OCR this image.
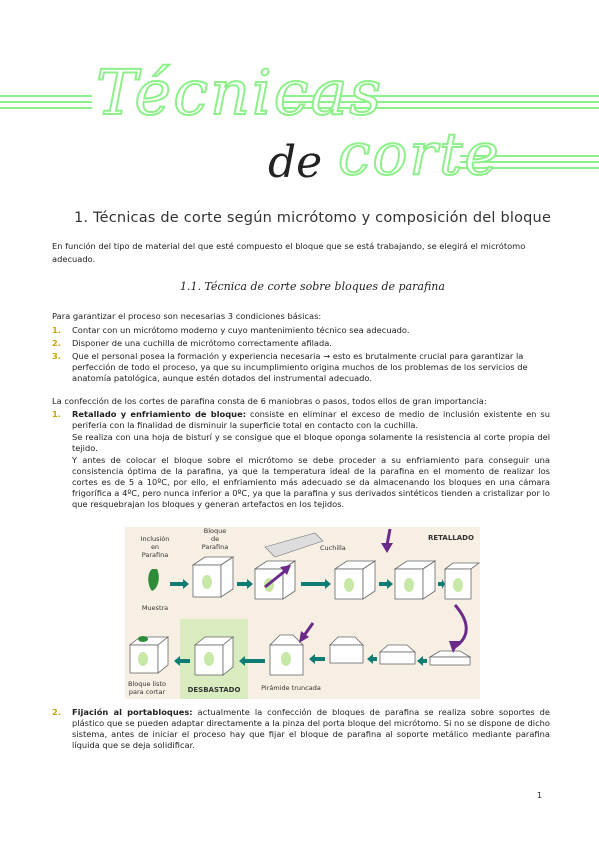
Técnicas
de corte
1. Técnicas de corte según micrótomo y composición del bloque
En función del tipo de material del que esté compuesto el bloque que se está trabajando, se elegirá el micrótomo adecuado.
1.1. Técnica de corte sobre bloques de parafina
Para garantizar el proceso son necesarias 3 condiciones básicas:
1. Contar con un micrótomo moderno y cuyo mantenimiento técnico sea adecuado.
2. Disponer de una cuchilla de micrótomo correctamente afilada.
3. Que el personal posea la formación y experiencia necesaria → esto es brutalmente crucial para garantizar la perfección de todo el proceso, ya que su incumplimiento origina muchos de los problemas de los servicios de anatomía patológica, aunque estén dotados del instrumental adecuado.
La confección de los cortes de parafina consta de 6 maniobras o pasos, todos ellos de gran importancia:
1. Retallado y enfriamiento de bloque: consiste en eliminar el exceso de medio de inclusión existente en su periferia con la finalidad de disminuir la superficie total en contacto con la cuchilla.
Se realiza con una hoja de bisturí y se consigue que el bloque oponga solamente la resistencia al corte propia del tejido.
Y antes de colocar el bloque sobre el micrótomo se debe proceder a su enfriamiento para conseguir una consistencia óptima de la parafina, ya que la temperatura ideal de la parafina en el momento de realizar los cortes es de 5 a 10ºC, por ello, el enfriamiento más adecuado se da almacenando los bloques en una cámara frigorífica a 4ºC, pero nunca inferior a 0ºC, ya que la parafina y sus derivados sintéticos tienden a cristalizar por lo que resquebrajan los bloques y generan artefactos en los tejidos.
Inclusión
en
Parafina
Bloque
de
Parafina	Cuchilla
RETALLADO
Muestra
Bloque listo
para cortar	DESBASTADO	Pirámide truncada
2. Fijación al portabloques: actualmente la confección de bloques de parafina se realiza sobre soportes de plástico que se pueden adaptar directamente a la pinza del porta bloque del micrótomo. Si no se dispone de dicho sistema, antes de iniciar el proceso hay que fijar el bloque de parafina al soporte metálico mediante parafina líquida que se deja solidificar.
1
